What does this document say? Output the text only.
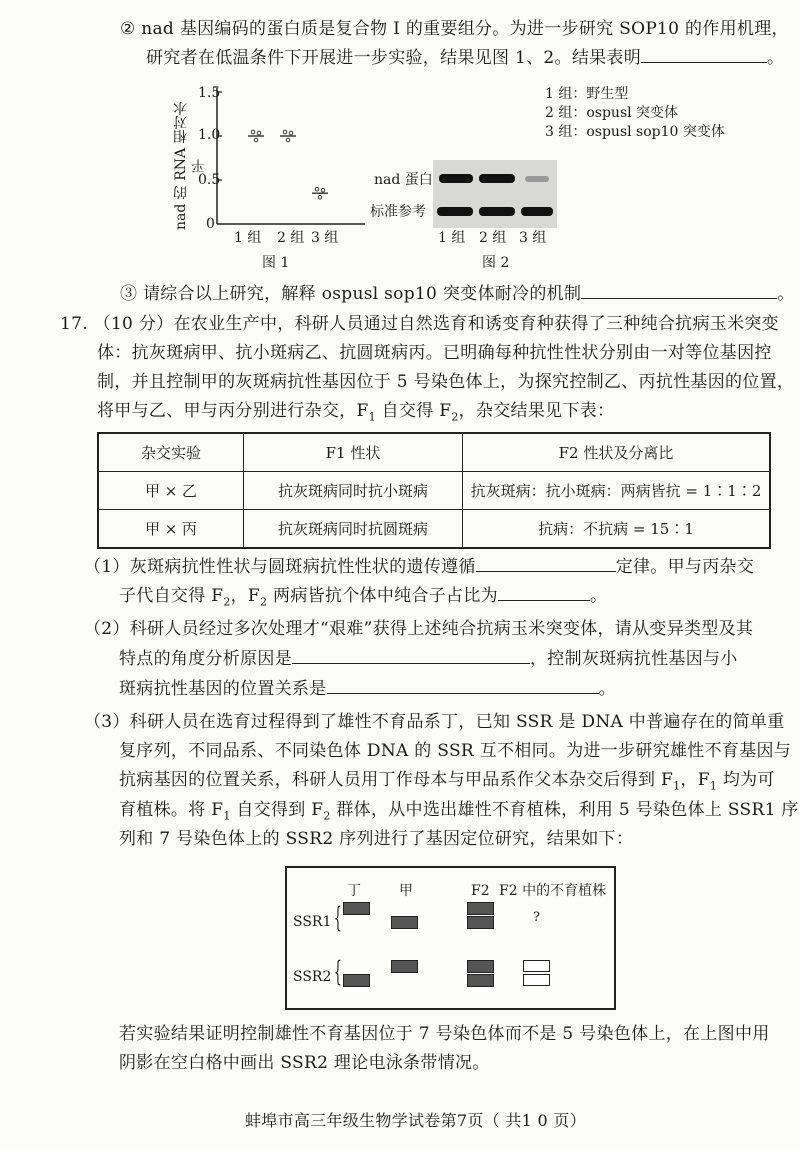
② nad 基因编码的蛋白质是复合物 Ⅰ 的重要组分。为进一步研究 SOP10 的作用机理，
研究者在低温条件下开展进一步实验，结果见图 1、2。结果表明	。
nad 的 RNA 相对水平
1.5
1.0
0.5
0
1 组 2 组 3 组
图 1
1 组：野生型
2 组：ospusl 突变体
3 组：ospusl sop10 突变体
nad 蛋白
标准参考
1 组 2 组 3 组
图 2
③ 请综合以上研究，解释 ospusl sop10 突变体耐冷的机制	。
17. （10 分）在农业生产中，科研人员通过自然选育和诱变育种获得了三种纯合抗病玉米突变
体：抗灰斑病甲、抗小斑病乙、抗圆斑病丙。已明确每种抗性性状分别由一对等位基因控
制，并且控制甲的灰斑病抗性基因位于 5 号染色体上，为探究控制乙、丙抗性基因的位置，
将甲与乙、甲与丙分别进行杂交，$F_1$ 自交得 $F_2$，杂交结果见下表：
杂交实验	F1 性状	F2 性状及分离比
甲 × 乙	抗灰斑病同时抗小斑病	抗灰斑病：抗小斑病：两病皆抗 = 1∶1∶2
甲 × 丙	抗灰斑病同时抗圆斑病	抗病：不抗病 = 15∶1
（1）灰斑病抗性性状与圆斑病抗性性状的遗传遵循	定律。甲与丙杂交
子代自交得 $F_2$，$F_2$ 两病皆抗个体中纯合子占比为	。
（2）科研人员经过多次处理才“艰难”获得上述纯合抗病玉米突变体，请从变异类型及其
特点的角度分析原因是	，控制灰斑病抗性基因与小
斑病抗性基因的位置关系是	。
（3）科研人员在选育过程得到了雄性不育品系丁，已知 SSR 是 DNA 中普遍存在的简单重
复序列，不同品系、不同染色体 DNA 的 SSR 互不相同。为进一步研究雄性不育基因与
抗病基因的位置关系，科研人员用丁作母本与甲品系作父本杂交后得到 $F_1$，$F_1$ 均为可
育植株。将 $F_1$ 自交得到 $F_2$ 群体，从中选出雄性不育植株，利用 5 号染色体上 SSR1 序
列和 7 号染色体上的 SSR2 序列进行了基因定位研究，结果如下：
丁	甲	F2 F2 中的不育植株
SSR1 {
SSR2 {
?
若实验结果证明控制雄性不育基因位于 7 号染色体而不是 5 号染色体上，在上图中用
阴影在空白格中画出 SSR2 理论电泳条带情况。
蚌埠市高三年级生物学试卷第7页（ 共1 0 页）
